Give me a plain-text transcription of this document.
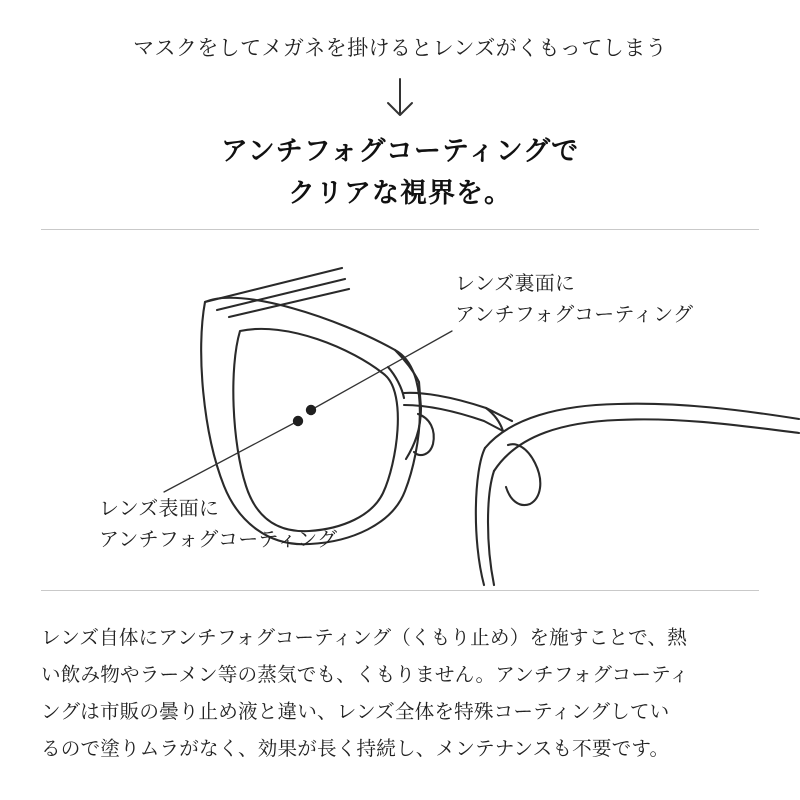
マスクをしてメガネを掛けるとレンズがくもってしまう
アンチフォグコーティングで
クリアな視界を。
レンズ裏面に
アンチフォグコーティング
レンズ表面に
アンチフォグコーティング
レンズ自体にアンチフォグコーティング（くもり止め）を施すことで、熱
い飲み物やラーメン等の蒸気でも、くもりません。アンチフォグコーティ
ングは市販の曇り止め液と違い、レンズ全体を特殊コーティングしてい
るので塗りムラがなく、効果が長く持続し、メンテナンスも不要です。
